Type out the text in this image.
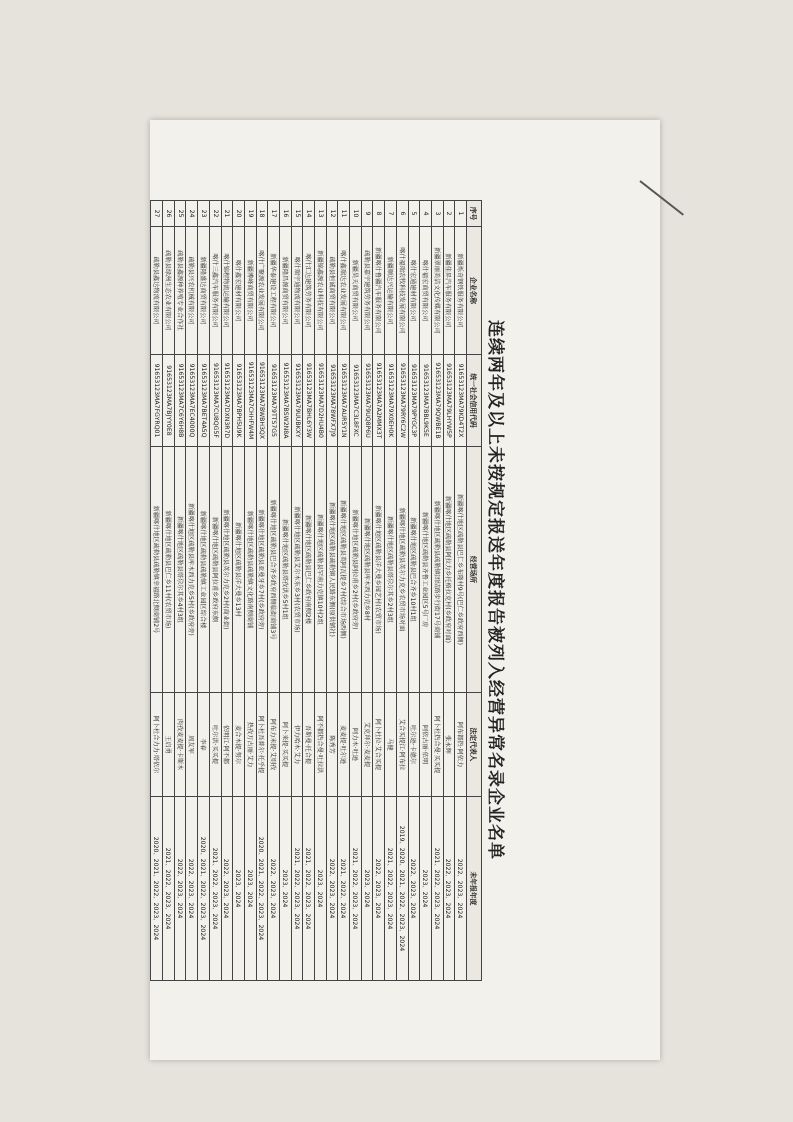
连续两年及以上未按规定报送年度报告被列入经营异常名录企业名单
序号	企业名称	统一社会信用代码	经营场所	法定代表人	未年报年度
1	新疆烁奇钢铁服务有限公司	91653123MA79KD4T2X	新疆喀什地区疏勒县巴仁乡布隆村9号(巴仁乡政府西侧)	阿布都热·阿依力	2022、2023、2024
2	新疆佳昇汽车服务有限公司	91653123MA79LHYW5P	新疆喀什地区疏勒县阿拉力乡托格拉克村(乡政府对面)	张永辉	2022、2023、2024
3	新疆翠丽美洁文化传媒有限公司	91653123MA79QWBE1B	新疆喀什地区疏勒县疏勒镇团结路步行街17号商铺	阿卜杜热合曼·买买提	2021、2022、2023、2024
4	喀什福宏商贸有限公司	91653123MA7BBL9K5E	新疆喀什地区疏勒县齐鲁工业园区5号厂房	阿依古丽·依明	2023、2024
5	喀什宏通建材有限公司	91653123MA79PYGC3P	新疆喀什地区疏勒县巴合齐乡10村1组	吐尔逊·卡德尔	2022、2023、2024
6	喀什福瑞农牧科技发展有限公司	91653123MA79RY6C2W	新疆喀什地区疏勒县英尔力克乡农贸市场对面	艾合买提江·阿布拉	2019、2020、2021、2022、2023、2024
7	新疆顺达兴运输有限公司	91653123MA79X0EH0K	新疆喀什地区疏勒县塔尕尔其乡2村3组	马健	2021、2022、2023、2024
8	新疆喀什鲁疆汽车服务有限公司	91653123MA7A2MMX3T	新疆喀什地区疏勒县洋大曼乡园艺村(农贸市场)	阿卜杜拉·艾合买提	2022、2023、2024
9	疏勒县嘉宇建筑劳务有限公司	91653123MA79UQ8P6U	新疆喀什地区疏勒县库木西力克乡8村	艾克拜尔·麦麦提	2023、2024
10	新疆昊天商贸有限公司	91653123MA7C3L8FXC	新疆喀什地区疏勒县阿拉甫乡2村(乡政府旁)	阿力木·吐逊	2021、2022、2023、2024
11	喀什鑫瑞达农业发展有限公司	91653123MA7AUR5Y1N	新疆喀什地区疏勒县英阿瓦提乡7村(综合市场西侧)	麦麦提·吐尔逊	2021、2022、2024
12	疏勒县恒诚商贸有限公司	91653123MA78WFX7J9	新疆喀什地区疏勒县疏勒镇人民路东侧(原供销社)	陈秀芳	2022、2023、2024
13	新疆锦鑫源农业科技有限公司	91653123MA7D2HU4B0	新疆喀什地区疏勒县罕南力克镇10村2组	阿不都热合曼·吐拉洪	2023、2024
14	喀什汇达建筑劳务有限公司	91653123MA7BHL6Y3W	新疆喀什地区疏勒县巴仁乡政府南侧2楼	吾斯曼·托合提	2021、2022、2023、2024
15	喀什瑞宇通物流有限公司	91653123MA79UUBKXY	新疆喀什地区疏勒县艾尔木东乡3村(农贸市场)	伊力哈木·艾力	2021、2022、2023、2024
16	新疆隆昌源商贸有限公司	91653123MA7BSW2N8A	新疆喀什地区疏勒县塔孜洪乡5村1组	阿卜来提·买买提	2023、2024
17	新疆华泰建设工程有限公司	91653123MA79TTS7G5	新疆喀什地区疏勒县巴合齐乡政府西侧临街商铺3号	阿布力米提·艾则孜	2022、2023、2024
18	喀什广聚源农业发展有限公司	91653123MA7BWBH3QX	新疆喀什地区疏勒县亚曼牙乡7村(乡政府旁)	阿卜杜吾普尔·托乎提	2020、2021、2022、2023、2024
19	新疆博峰商贸有限公司	91653123MA7CHHFW4M	新疆喀什地区疏勒县疏勒镇文化路南侧商铺	热孜万古丽·艾力	2023、2024
20	喀什鑫宏建材有限公司	91653123MA7BPH5U9K	新疆喀什地区疏勒县洋大曼乡13村	麦合木提·努尔	2023、2024
21	喀什锦程物流运输有限公司	91653123MA7DXN3R7D	新疆喀什地区疏勒县英尔力克乡2村(商业街)	依明江·阿不都	2022、2023、2024
22	喀什三鑫汽车服务有限公司	91653123MA7CU8QG5F	新疆喀什地区疏勒县阿拉甫乡政府东侧	吐尔洪·买买提	2021、2022、2023、2024
23	新疆隆盛达商贸有限公司	91653123MA7BET4A5Q	新疆喀什地区疏勒县疏勒镇工业园区综合楼	李春	2020、2021、2022、2023、2024
24	疏勒县兴农机械有限公司	91653123MA7EC4000Q	新疆喀什地区疏勒县库木西力克乡5村(乡政府旁)	周友军	2022、2023、2024
25	疏勒县鑫源种养殖专业合作社	91653123MA7C6Y6H8B	新疆喀什地区疏勒县塔尕尔其乡4村3组	肉孜麦麦提·卡斯木	2022、2023、2024
26	疏勒县绿洲生态农业有限公司	91653123MA7BJYY0E8	新疆喀什地区疏勒县巴仁乡11村(农贸市场)	王启勇	2021、2022、2023、2024
27	疏勒县鑫达物流有限公司	91653123MA7FGYRQ01	新疆喀什地区疏勒县疏勒镇幸福路北侧商铺2号	阿卜杜合力力·塔依尔	2020、2021、2022、2023、2024
